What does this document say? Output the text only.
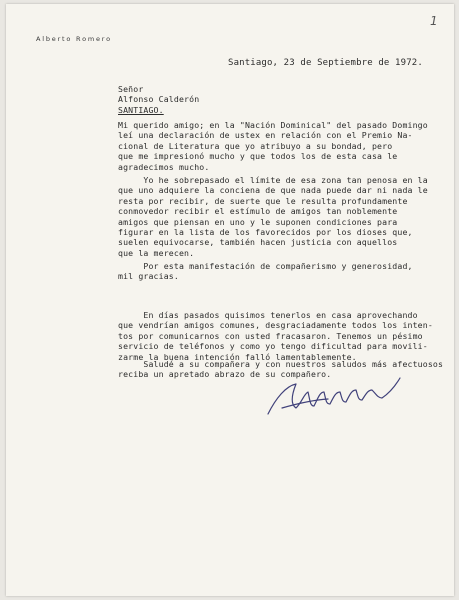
Alberto Romero
1
Santiago, 23 de Septiembre de 1972.
Señor
Alfonso Calderón
SANTIAGO.
Mi querido amigo; en la "Nación Dominical" del pasado Domingo
leí una declaración de ustex en relación con el Premio Na-
cional de Literatura que yo atribuyo a su bondad, pero
que me impresionó mucho y que todos los de esta casa le
agradecimos mucho.
Yo he sobrepasado el límite de esa zona tan penosa en la
que uno adquiere la conciena de que nada puede dar ni nada le
resta por recibir, de suerte que le resulta profundamente
conmovedor recibir el estímulo de amigos tan noblemente
amigos que piensan en uno y le suponen condiciones para
figurar en la lista de los favorecidos por los dioses que,
suelen equivocarse, también hacen justicia con aquellos
que la merecen.
Por esta manifestación de compañerismo y generosidad,
mil gracias.
En días pasados quisimos tenerlos en casa aprovechando
que vendrían amigos comunes, desgraciadamente todos los inten-
tos por comunicarnos con usted fracasaron. Tenemos un pésimo
servicio de teléfonos y como yo tengo dificultad para movili-
zarme la buena intención falló lamentablemente.
Saludé a su compañera y con nuestros saludos más afectuosos
reciba un apretado abrazo de su compañero.
